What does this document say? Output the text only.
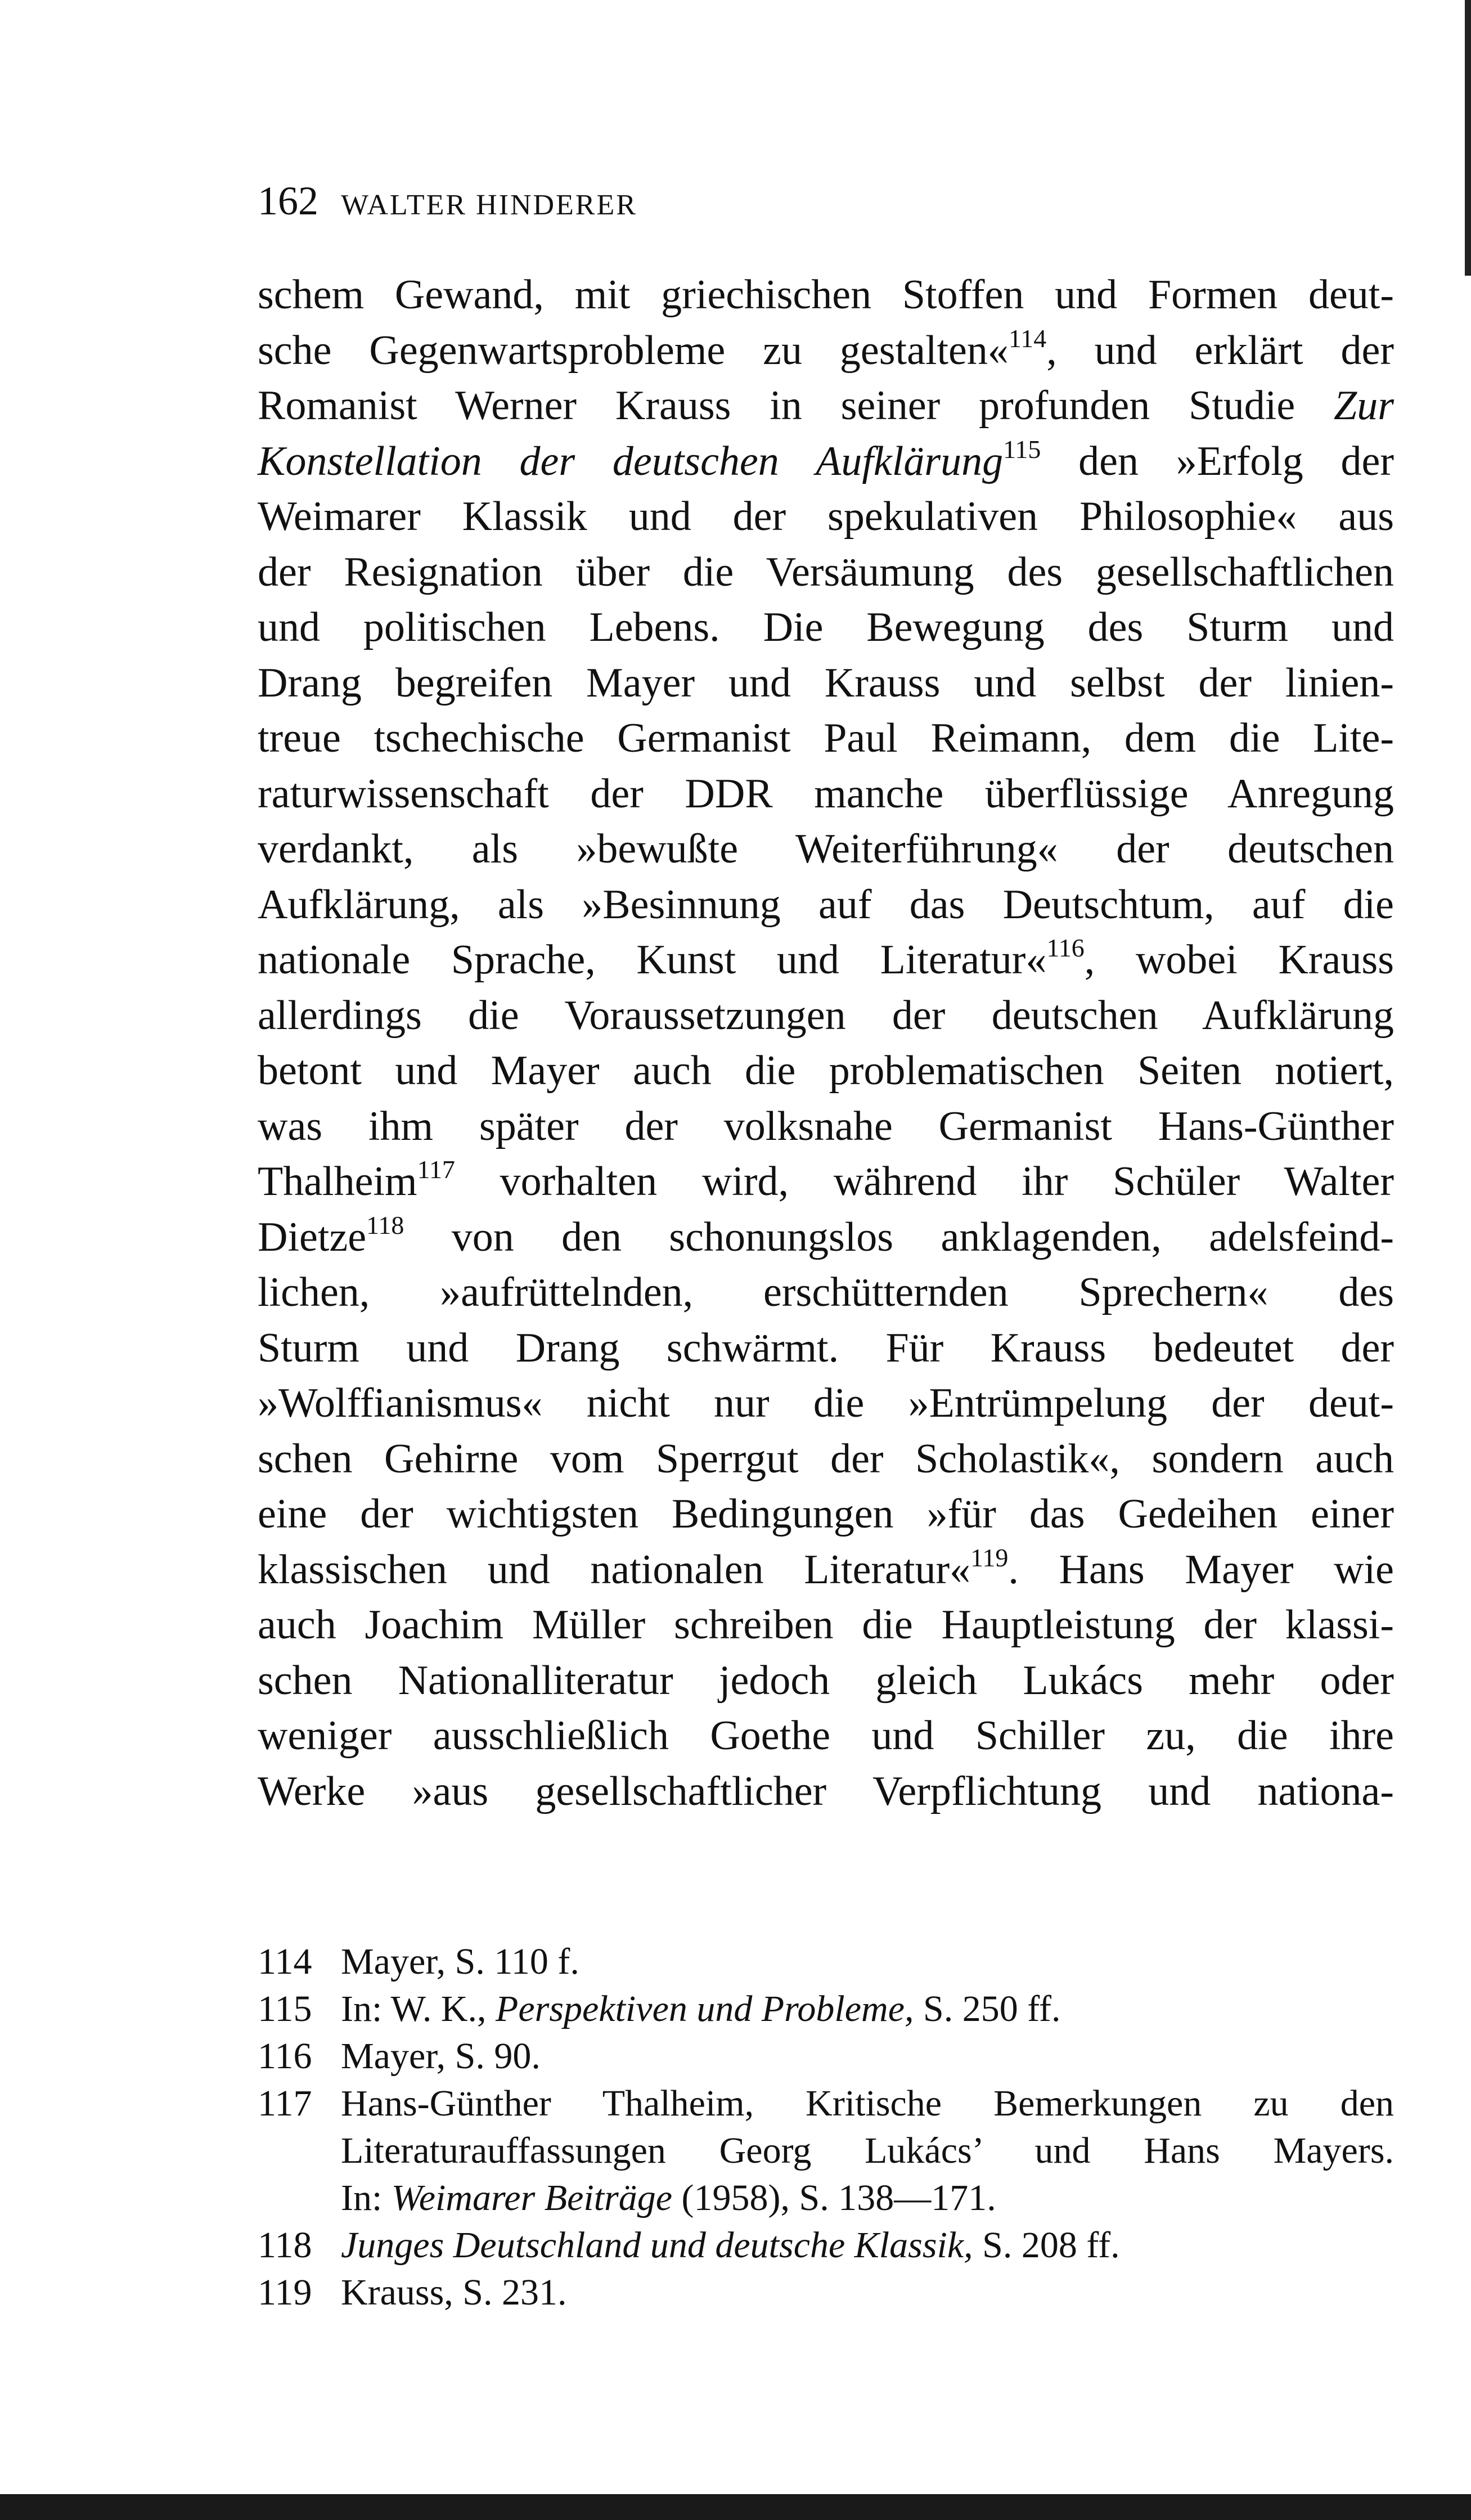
162 WALTER HINDERER
schem Gewand, mit griechischen Stoffen und Formen deut-
sche Gegenwartsprobleme zu gestalten«$^{114}$, und erklärt der
Romanist Werner Krauss in seiner profunden Studie Zur
Konstellation der deutschen Aufklärung$^{115}$ den »Erfolg der
Weimarer Klassik und der spekulativen Philosophie« aus
der Resignation über die Versäumung des gesellschaftlichen
und politischen Lebens. Die Bewegung des Sturm und
Drang begreifen Mayer und Krauss und selbst der linien-
treue tschechische Germanist Paul Reimann, dem die Lite-
raturwissenschaft der DDR manche überflüssige Anregung
verdankt, als »bewußte Weiterführung« der deutschen
Aufklärung, als »Besinnung auf das Deutschtum, auf die
nationale Sprache, Kunst und Literatur«$^{116}$, wobei Krauss
allerdings die Voraussetzungen der deutschen Aufklärung
betont und Mayer auch die problematischen Seiten notiert,
was ihm später der volksnahe Germanist Hans-Günther
Thalheim$^{117}$ vorhalten wird, während ihr Schüler Walter
Dietze$^{118}$ von den schonungslos anklagenden, adelsfeind-
lichen, »aufrüttelnden, erschütternden Sprechern« des
Sturm und Drang schwärmt. Für Krauss bedeutet der
»Wolffianismus« nicht nur die »Entrümpelung der deut-
schen Gehirne vom Sperrgut der Scholastik«, sondern auch
eine der wichtigsten Bedingungen »für das Gedeihen einer
klassischen und nationalen Literatur«$^{119}$. Hans Mayer wie
auch Joachim Müller schreiben die Hauptleistung der klassi-
schen Nationalliteratur jedoch gleich Lukács mehr oder
weniger ausschließlich Goethe und Schiller zu, die ihre
Werke »aus gesellschaftlicher Verpflichtung und nationa-
114 Mayer, S. 110 f.
115 In: W. K., Perspektiven und Probleme, S. 250 ff.
116 Mayer, S. 90.
117 Hans-Günther Thalheim, Kritische Bemerkungen zu den
Literaturauffassungen Georg Lukács’ und Hans Mayers.
In: Weimarer Beiträge (1958), S. 138—171.
118 Junges Deutschland und deutsche Klassik, S. 208 ff.
119 Krauss, S. 231.
